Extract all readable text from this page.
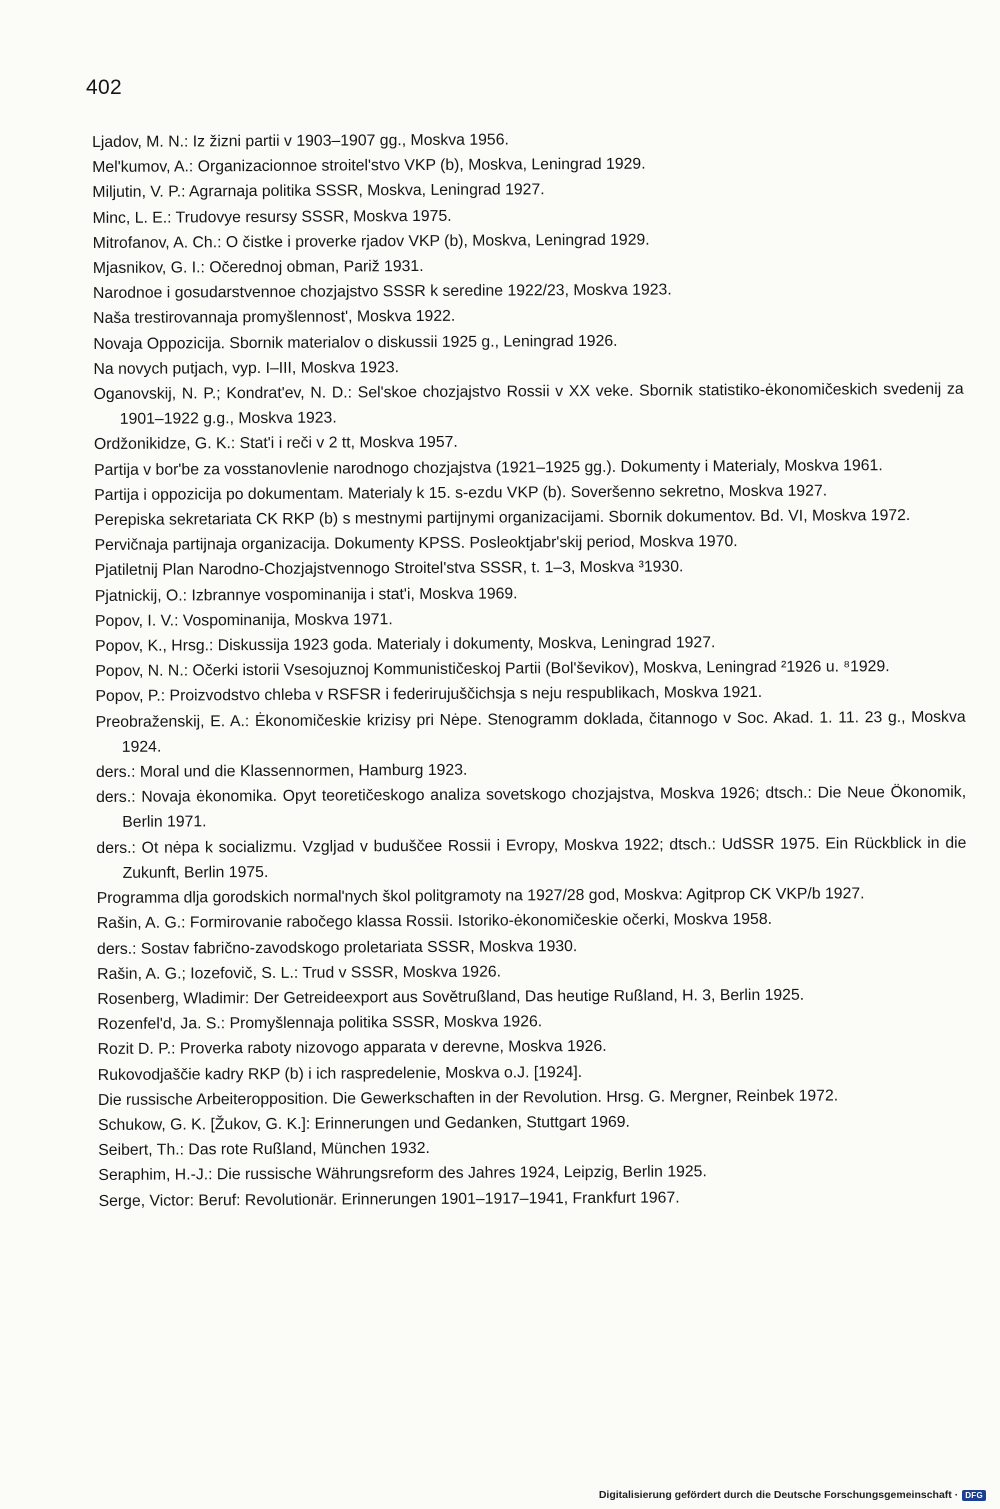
402
Ljadov, M. N.: Iz žizni partii v 1903–1907 gg., Moskva 1956.
Mel'kumov, A.: Organizacionnoe stroitel'stvo VKP (b), Moskva, Leningrad 1929.
Miljutin, V. P.: Agrarnaja politika SSSR, Moskva, Leningrad 1927.
Minc, L. E.: Trudovye resursy SSSR, Moskva 1975.
Mitrofanov, A. Ch.: O čistke i proverke rjadov VKP (b), Moskva, Leningrad 1929.
Mjasnikov, G. I.: Očerednoj obman, Pariž 1931.
Narodnoe i gosudarstvennoe chozjajstvo SSSR k seredine 1922/23, Moskva 1923.
Naša trestirovannaja promyšlennost', Moskva 1922.
Novaja Oppozicija. Sbornik materialov o diskussii 1925 g., Leningrad 1926.
Na novych putjach, vyp. I–III, Moskva 1923.
Oganovskij, N. P.; Kondrat'ev, N. D.: Sel'skoe chozjajstvo Rossii v XX veke. Sbornik statistiko-ėkonomičeskich svedenij za 1901–1922 g.g., Moskva 1923.
Ordžonikidze, G. K.: Stat'i i reči v 2 tt, Moskva 1957.
Partija v bor'be za vosstanovlenie narodnogo chozjajstva (1921–1925 gg.). Dokumenty i Materialy, Moskva 1961.
Partija i oppozicija po dokumentam. Materialy k 15. s-ezdu VKP (b). Soveršenno sekretno, Moskva 1927.
Perepiska sekretariata CK RKP (b) s mestnymi partijnymi organizacijami. Sbornik dokumentov. Bd. VI, Moskva 1972.
Pervičnaja partijnaja organizacija. Dokumenty KPSS. Posleoktjabr'skij period, Moskva 1970.
Pjatiletnij Plan Narodno-Chozjajstvennogo Stroitel'stva SSSR, t. 1–3, Moskva ³1930.
Pjatnickij, O.: Izbrannye vospominanija i stat'i, Moskva 1969.
Popov, I. V.: Vospominanija, Moskva 1971.
Popov, K., Hrsg.: Diskussija 1923 goda. Materialy i dokumenty, Moskva, Leningrad 1927.
Popov, N. N.: Očerki istorii Vsesojuznoj Kommunističeskoj Partii (Bol'ševikov), Moskva, Leningrad ²1926 u. ⁸1929.
Popov, P.: Proizvodstvo chleba v RSFSR i federirujuščichsja s neju respublikach, Moskva 1921.
Preobraženskij, E. A.: Ėkonomičeskie krizisy pri Nėpe. Stenogramm doklada, čitannogo v Soc. Akad. 1. 11. 23 g., Moskva 1924.
ders.: Moral und die Klassennormen, Hamburg 1923.
ders.: Novaja ėkonomika. Opyt teoretičeskogo analiza sovetskogo chozjajstva, Moskva 1926; dtsch.: Die Neue Ökonomik, Berlin 1971.
ders.: Ot nėpa k socializmu. Vzgljad v buduščee Rossii i Evropy, Moskva 1922; dtsch.: UdSSR 1975. Ein Rückblick in die Zukunft, Berlin 1975.
Programma dlja gorodskich normal'nych škol politgramoty na 1927/28 god, Moskva: Agitprop CK VKP/b 1927.
Rašin, A. G.: Formirovanie rabočego klassa Rossii. Istoriko-ėkonomičeskie očerki, Moskva 1958.
ders.: Sostav fabrično-zavodskogo proletariata SSSR, Moskva 1930.
Rašin, A. G.; Iozefovič, S. L.: Trud v SSSR, Moskva 1926.
Rosenberg, Wladimir: Der Getreideexport aus Sovětrußland, Das heutige Rußland, H. 3, Berlin 1925.
Rozenfel'd, Ja. S.: Promyšlennaja politika SSSR, Moskva 1926.
Rozit D. P.: Proverka raboty nizovogo apparata v derevne, Moskva 1926.
Rukovodjaščie kadry RKP (b) i ich raspredelenie, Moskva o.J. [1924].
Die russische Arbeiteropposition. Die Gewerkschaften in der Revolution. Hrsg. G. Mergner, Reinbek 1972.
Schukow, G. K. [Žukov, G. K.]: Erinnerungen und Gedanken, Stuttgart 1969.
Seibert, Th.: Das rote Rußland, München 1932.
Seraphim, H.-J.: Die russische Währungsreform des Jahres 1924, Leipzig, Berlin 1925.
Serge, Victor: Beruf: Revolutionär. Erinnerungen 1901–1917–1941, Frankfurt 1967.
Digitalisierung gefördert durch die Deutsche Forschungsgemeinschaft · DFG
